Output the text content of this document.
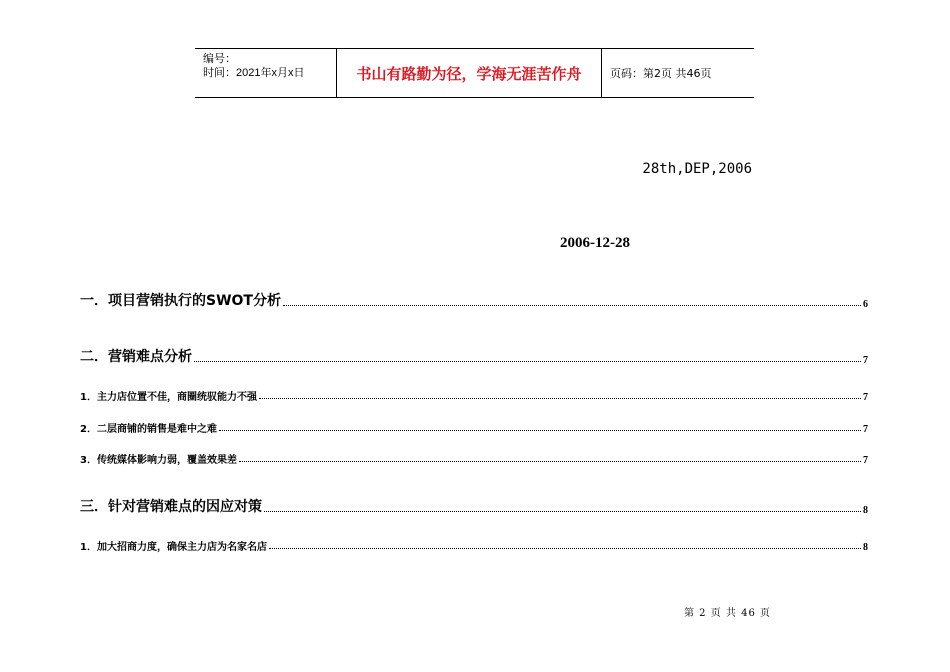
编号：
时间：2021年x月x日	书山有路勤为径，学海无涯苦作舟	页码：第2页 共46页
28th,DEP,2006
2006-12-28
一．项目营销执行的SWOT分析	6
二．营销难点分析	7
1．主力店位置不佳，商圈统驭能力不强	7
2．二层商铺的销售是难中之难	7
3．传统媒体影响力弱，覆盖效果差	7
三．针对营销难点的因应对策	8
1．加大招商力度，确保主力店为名家名店	8
第 2 页 共 46 页
